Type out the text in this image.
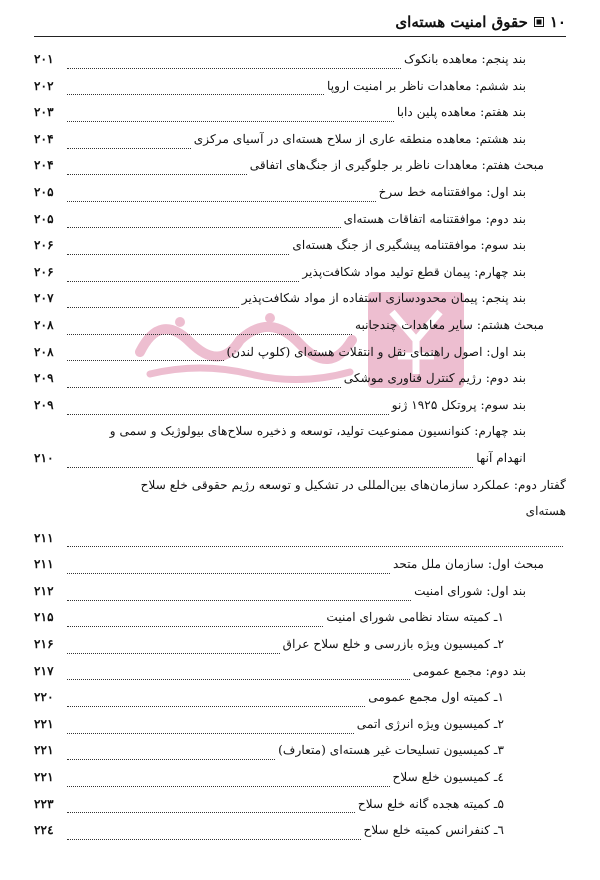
۱۰
حقوق امنیت هسته‌ای
بند پنجم: معاهده بانکوک
۲۰۱
بند ششم: معاهدات ناظر بر امنیت اروپا
۲۰۲
بند هفتم: معاهده پلین دابا
۲۰۳
بند هشتم: معاهده منطقه عاری از سلاح هسته‌ای در آسیای مرکزی
۲۰۴
مبحث هفتم: معاهدات ناظر بر جلوگیری از جنگ‌های اتفاقی
۲۰۴
بند اول: موافقتنامه خط سرخ
۲۰۵
بند دوم: موافقتنامه اتفاقات هسته‌ای
۲۰۵
بند سوم: موافقتنامه پیشگیری از جنگ هسته‌ای
۲۰۶
بند چهارم: پیمان قطع تولید مواد شکافت‌پذیر
۲۰۶
بند پنجم: پیمان محدودسازی استفاده از مواد شکافت‌پذیر
۲۰۷
مبحث هشتم: سایر معاهدات چندجانبه
۲۰۸
بند اول: اصول راهنمای نقل و انتقلات هسته‌ای (کلوپ لندن)
۲۰۸
بند دوم: رژیم کنترل فناوری موشکی
۲۰۹
بند سوم: پروتکل ۱۹۲۵ ژنو
۲۰۹
بند چهارم: کنوانسیون ممنوعیت تولید، توسعه و ذخیره سلاح‌های بیولوژیک و سمی و
انهدام آنها
۲۱۰
گفتار دوم: عملکرد سازمان‌های بین‌المللی در تشکیل و توسعه رژیم حقوقی خلع سلاح
هسته‌ای
۲۱۱
مبحث اول: سازمان ملل متحد
۲۱۱
بند اول: شورای امنیت
۲۱۲
۱ـ کمیته ستاد نظامی شورای امنیت
۲۱۵
۲ـ کمیسیون ویژه بازرسی و خلع سلاح عراق
۲۱۶
بند دوم: مجمع عمومی
۲۱۷
۱ـ کمیته اول مجمع عمومی
۲۲۰
۲ـ کمیسیون ویژه انرژی اتمی
۲۲۱
۳ـ کمیسیون تسلیحات غیر هسته‌ای (متعارف)
۲۲۱
٤ـ کمیسیون خلع سلاح
۲۲۱
۵ـ کمیته هجده گانه خلع سلاح
۲۲۳
٦ـ کنفرانس کمیته خلع سلاح
۲۲٤
